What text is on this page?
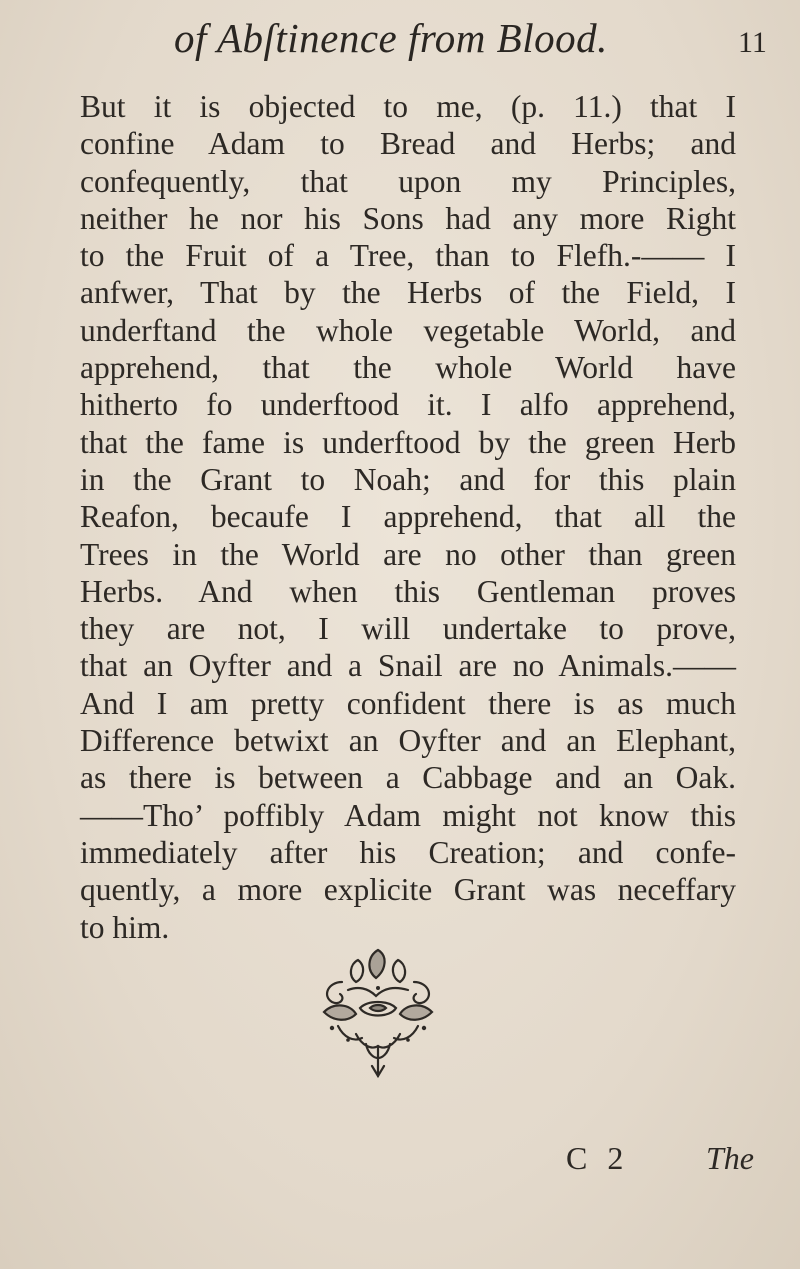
of Abſtinence from Blood.	11
But it is objected to me, (p. 11.) that I
confine Adam to Bread and Herbs; and
confequently, that upon my Principles,
neither he nor his Sons had any more Right
to the Fruit of a Tree, than to Flefh.-—— I
anfwer, That by the Herbs of the Field, I
underftand the whole vegetable World, and
apprehend, that the whole World have
hitherto fo underftood it. I alfo apprehend,
that the fame is underftood by the green Herb
in the Grant to Noah; and for this plain
Reafon, becaufe I apprehend, that all the
Trees in the World are no other than green
Herbs. And when this Gentleman proves
they are not, I will undertake to prove,
that an Oyfter and a Snail are no Animals.——
And I am pretty confident there is as much
Difference betwixt an Oyfter and an Elephant,
as there is between a Cabbage and an Oak.
——Tho’ poffibly Adam might not know this
immediately after his Creation; and confe-
quently, a more explicite Grant was neceffary
to him.
C 2 The
